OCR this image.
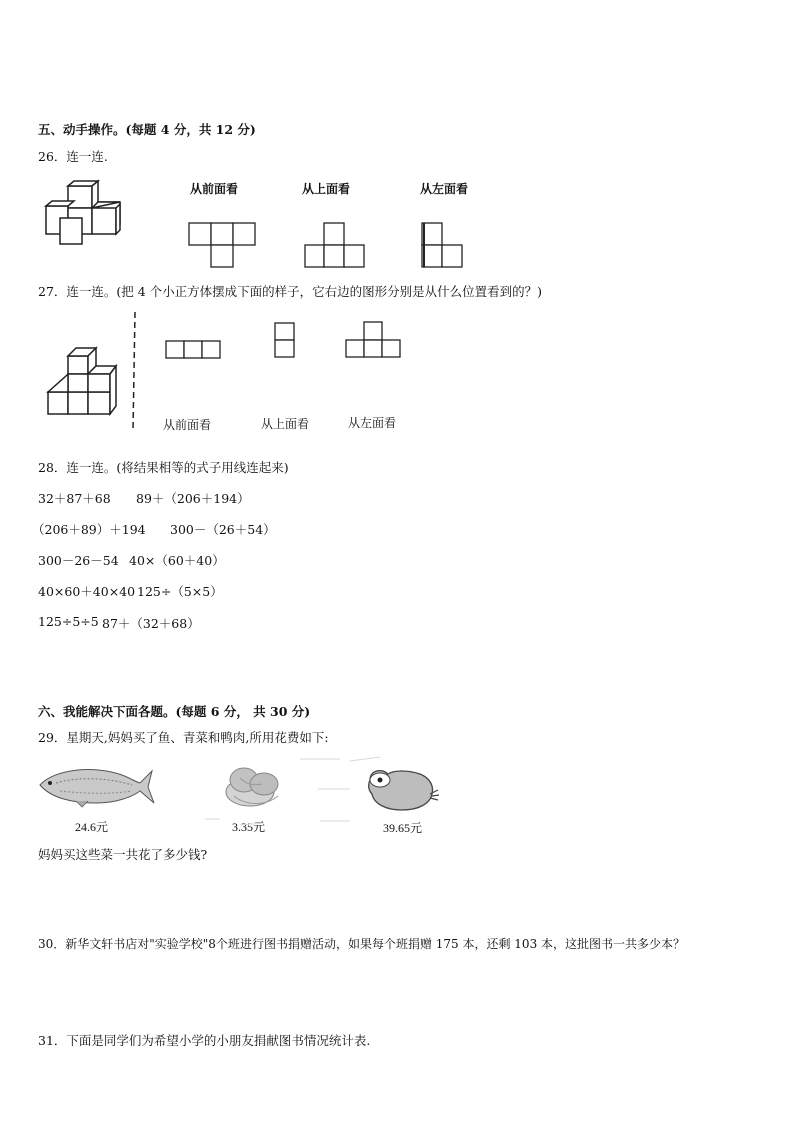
五、动手操作。(每题 4 分，共 12 分)
26．连一连.
从前面看	从上面看	从左面看
27．连一连。(把 4 个小正方体摆成下面的样子，它右边的图形分别是从什么位置看到的？)
从前面看	从上面看	从左面看
28．连一连。(将结果相等的式子用线连起来)
32＋87＋68 89＋（206＋194）
（206＋89）＋194 300－（26＋54）
300－26－54 40×（60＋40）
40×60＋40×40 125÷（5×5）
125÷5÷5 87＋（32＋68）
六、我能解决下面各题。(每题 6 分， 共 30 分)
29．星期天,妈妈买了鱼、青菜和鸭肉,所用花费如下:
24.6元	3.35元	39.65元
妈妈买这些菜一共花了多少钱?
30．新华文轩书店对"实验学校"8个班进行图书捐赠活动，如果每个班捐赠 175 本，还剩 103 本，这批图书一共多少本？
31．下面是同学们为希望小学的小朋友捐献图书情况统计表.
